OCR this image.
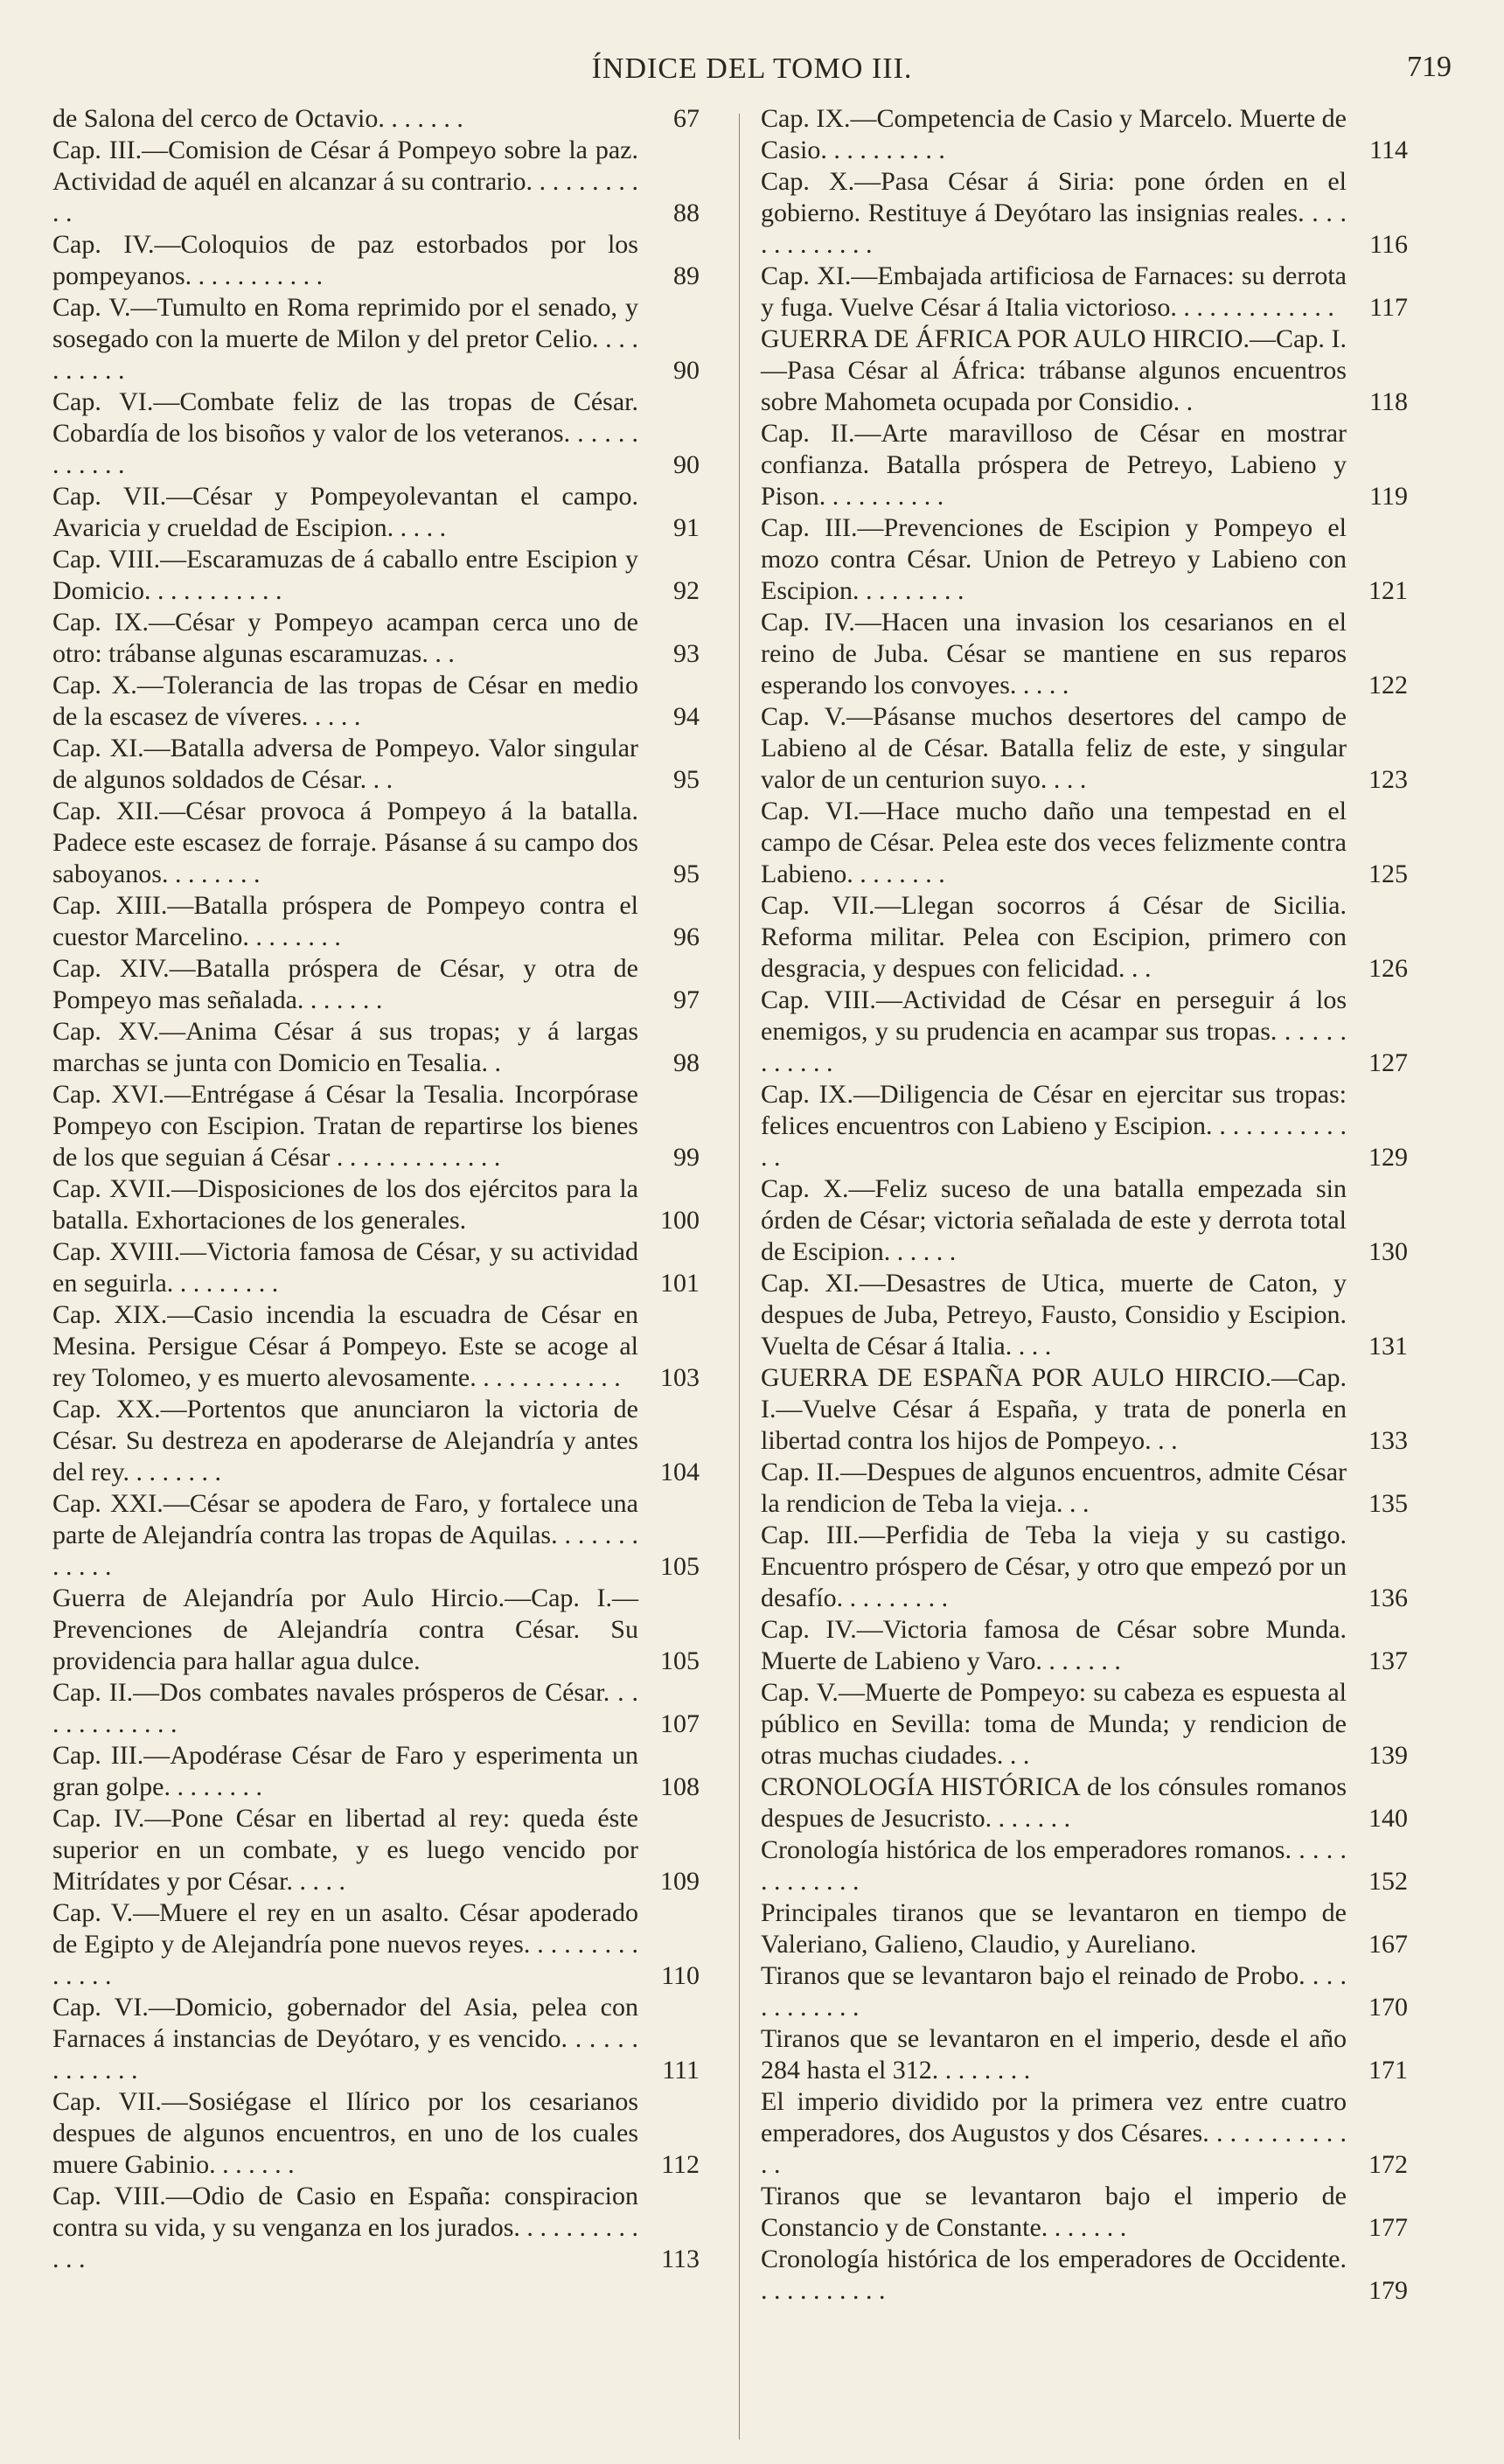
ÍNDICE DEL TOMO III.	719
de Salona del cerco de Octavio. . . . . . .	67
Cap. III.—Comision de César á Pompeyo sobre la paz. Actividad de aquél en alcanzar á su contrario. . . . . . . . . . .	88
Cap. IV.—Coloquios de paz estorbados por los pompeyanos. . . . . . . . . . .	89
Cap. V.—Tumulto en Roma reprimido por el senado, y sosegado con la muerte de Milon y del pretor Celio. . . . . . . . . .	90
Cap. VI.—Combate feliz de las tropas de César. Cobardía de los bisoños y valor de los veteranos. . . . . . . . . . . .	90
Cap. VII.—César y Pompeyolevantan el campo. Avaricia y crueldad de Escipion. . . . .	91
Cap. VIII.—Escaramuzas de á caballo entre Escipion y Domicio. . . . . . . . . . .	92
Cap. IX.—César y Pompeyo acampan cerca uno de otro: trábanse algunas escaramuzas. . .	93
Cap. X.—Tolerancia de las tropas de César en medio de la escasez de víveres. . . . .	94
Cap. XI.—Batalla adversa de Pompeyo. Valor singular de algunos soldados de César. . .	95
Cap. XII.—César provoca á Pompeyo á la batalla. Padece este escasez de forraje. Pásanse á su campo dos saboyanos. . . . . . . .	95
Cap. XIII.—Batalla próspera de Pompeyo contra el cuestor Marcelino. . . . . . . .	96
Cap. XIV.—Batalla próspera de César, y otra de Pompeyo mas señalada. . . . . . .	97
Cap. XV.—Anima César á sus tropas; y á largas marchas se junta con Domicio en Tesalia. .	98
Cap. XVI.—Entrégase á César la Tesalia. Incorpórase Pompeyo con Escipion. Tratan de repartirse los bienes de los que seguian á César . . . . . . . . . . . . .	99
Cap. XVII.—Disposiciones de los dos ejércitos para la batalla. Exhortaciones de los generales.	100
Cap. XVIII.—Victoria famosa de César, y su actividad en seguirla. . . . . . . . .	101
Cap. XIX.—Casio incendia la escuadra de César en Mesina. Persigue César á Pompeyo. Este se acoge al rey Tolomeo, y es muerto alevosamente. . . . . . . . . . . .	103
Cap. XX.—Portentos que anunciaron la victoria de César. Su destreza en apoderarse de Alejandría y antes del rey. . . . . . . .	104
Cap. XXI.—César se apodera de Faro, y fortalece una parte de Alejandría contra las tropas de Aquilas. . . . . . . . . . . .	105
Guerra de Alejandría por Aulo Hircio.—Cap. I.—Prevenciones de Alejandría contra César. Su providencia para hallar agua dulce.	105
Cap. II.—Dos combates navales prósperos de César. . . . . . . . . . . . .	107
Cap. III.—Apodérase César de Faro y esperimenta un gran golpe. . . . . . . .	108
Cap. IV.—Pone César en libertad al rey: queda éste superior en un combate, y es luego vencido por Mitrídates y por César. . . . .	109
Cap. V.—Muere el rey en un asalto. César apoderado de Egipto y de Alejandría pone nuevos reyes. . . . . . . . . . . . . .	110
Cap. VI.—Domicio, gobernador del Asia, pelea con Farnaces á instancias de Deyótaro, y es vencido. . . . . . . . . . . . .	111
Cap. VII.—Sosiégase el Ilírico por los cesarianos despues de algunos encuentros, en uno de los cuales muere Gabinio. . . . . . .	112
Cap. VIII.—Odio de Casio en España: conspiracion contra su vida, y su venganza en los jurados. . . . . . . . . . . . .	113
Cap. IX.—Competencia de Casio y Marcelo. Muerte de Casio. . . . . . . . . .	114
Cap. X.—Pasa César á Siria: pone órden en el gobierno. Restituye á Deyótaro las insignias reales. . . . . . . . . . . . .	116
Cap. XI.—Embajada artificiosa de Farnaces: su derrota y fuga. Vuelve César á Italia victorioso. . . . . . . . . . . . .	117
GUERRA DE ÁFRICA POR AULO HIRCIO.—Cap. I.—Pasa César al África: trábanse algunos encuentros sobre Mahometa ocupada por Considio. .	118
Cap. II.—Arte maravilloso de César en mostrar confianza. Batalla próspera de Petreyo, Labieno y Pison. . . . . . . . . .	119
Cap. III.—Prevenciones de Escipion y Pompeyo el mozo contra César. Union de Petreyo y Labieno con Escipion. . . . . . . . .	121
Cap. IV.—Hacen una invasion los cesarianos en el reino de Juba. César se mantiene en sus reparos esperando los convoyes. . . . .	122
Cap. V.—Pásanse muchos desertores del campo de Labieno al de César. Batalla feliz de este, y singular valor de un centurion suyo. . . .	123
Cap. VI.—Hace mucho daño una tempestad en el campo de César. Pelea este dos veces felizmente contra Labieno. . . . . . . .	125
Cap. VII.—Llegan socorros á César de Sicilia. Reforma militar. Pelea con Escipion, primero con desgracia, y despues con felicidad. . .	126
Cap. VIII.—Actividad de César en perseguir á los enemigos, y su prudencia en acampar sus tropas. . . . . . . . . . . .	127
Cap. IX.—Diligencia de César en ejercitar sus tropas: felices encuentros con Labieno y Escipion. . . . . . . . . . . . .	129
Cap. X.—Feliz suceso de una batalla empezada sin órden de César; victoria señalada de este y derrota total de Escipion. . . . . .	130
Cap. XI.—Desastres de Utica, muerte de Caton, y despues de Juba, Petreyo, Fausto, Considio y Escipion. Vuelta de César á Italia. . . .	131
GUERRA DE ESPAÑA POR AULO HIRCIO.—Cap. I.—Vuelve César á España, y trata de ponerla en libertad contra los hijos de Pompeyo. . .	133
Cap. II.—Despues de algunos encuentros, admite César la rendicion de Teba la vieja. . .	135
Cap. III.—Perfidia de Teba la vieja y su castigo. Encuentro próspero de César, y otro que empezó por un desafío. . . . . . . . .	136
Cap. IV.—Victoria famosa de César sobre Munda. Muerte de Labieno y Varo. . . . . . .	137
Cap. V.—Muerte de Pompeyo: su cabeza es espuesta al público en Sevilla: toma de Munda; y rendicion de otras muchas ciudades. . .	139
CRONOLOGÍA HISTÓRICA de los cónsules romanos despues de Jesucristo. . . . . . .	140
Cronología histórica de los emperadores romanos. . . . . . . . . . . . .	152
Principales tiranos que se levantaron en tiempo de Valeriano, Galieno, Claudio, y Aureliano.	167
Tiranos que se levantaron bajo el reinado de Probo. . . . . . . . . . . .	170
Tiranos que se levantaron en el imperio, desde el año 284 hasta el 312. . . . . . . .	171
El imperio dividido por la primera vez entre cuatro emperadores, dos Augustos y dos Césares. . . . . . . . . . . . .	172
Tiranos que se levantaron bajo el imperio de Constancio y de Constante. . . . . . .	177
Cronología histórica de los emperadores de Occidente. . . . . . . . . . .	179
